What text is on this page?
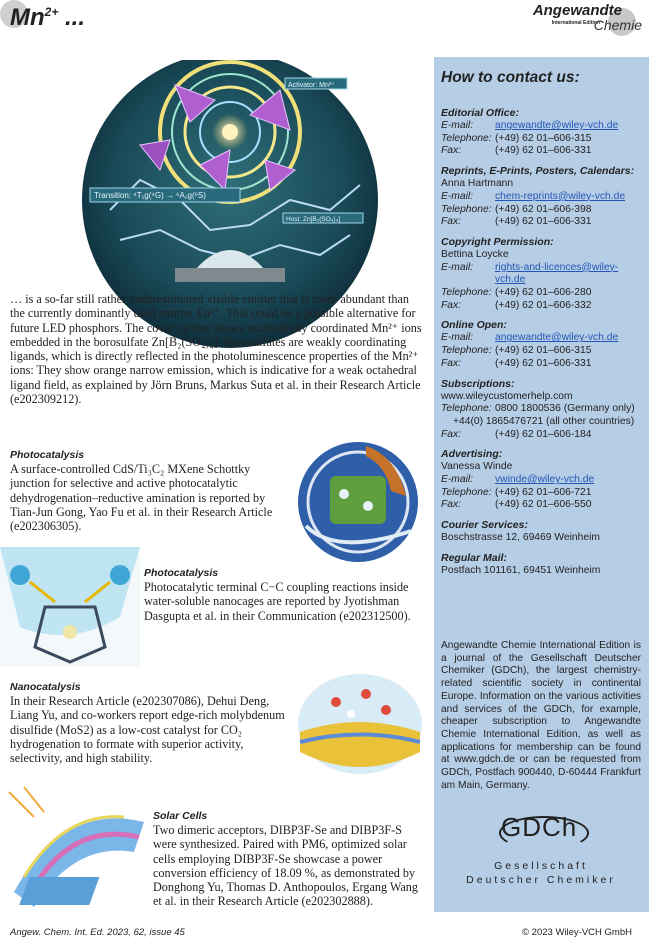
$Mn^{2+}$ ...	Angewandte
International Edition
Chemie
Transition: ⁴T₁g(⁴G) → ⁶A₁g(⁶S)
Activator: Mn²⁺
Host: Zn[B₂(SO₄)₄]
… is a so-far still rather underestimated visible emitter that is more abundant than the currently dominantly used emitter Eu²⁺. This could be a possible alternative for future LED phosphors. The cover picture shows octahedrally coordinated Mn²⁺ ions embedded in the borosulfate Zn[B₂(SO₄)₄]. Borosulfates are weakly coordinating ligands, which is directly reflected in the photoluminescence properties of the Mn²⁺ ions: They show orange narrow emission, which is indicative for a weak octahedral ligand field, as explained by Jörn Bruns, Markus Suta et al. in their Research Article (e202309212).
Photocatalysis
A surface-controlled CdS/Ti₃C₂ MXene Schottky junction for selective and active photocatalytic dehydrogenation–reductive amination is reported by Tian-Jun Gong, Yao Fu et al. in their Research Article (e202306305).
Photocatalysis
Photocatalytic terminal C−C coupling reactions inside water-soluble nanocages are reported by Jyotishman Dasgupta et al. in their Communication (e202312500).
Nanocatalysis
In their Research Article (e202307086), Dehui Deng, Liang Yu, and co-workers report edge-rich molybdenum disulfide (MoS2) as a low-cost catalyst for CO₂ hydrogenation to formate with superior activity, selectivity, and high stability.
Solar Cells
Two dimeric acceptors, DIBP3F-Se and DIBP3F-S were synthesized. Paired with PM6, optimized solar cells employing DIBP3F-Se showcase a power conversion efficiency of 18.09 %, as demonstrated by Donghong Yu, Thomas D. Anthopoulos, Ergang Wang et al. in their Research Article (e202302888).
How to contact us:
Editorial Office:
E-mail:	angewandte@wiley-vch.de
Telephone: (+49) 62 01–606-315
Fax:	(+49) 62 01–606-331
Reprints, E-Prints, Posters, Calendars:
Anna Hartmann
E-mail:	chem-reprints@wiley-vch.de
Telephone: (+49) 62 01–606-398
Fax:	(+49) 62 01–606-331
Copyright Permission:
Bettina Loycke
E-mail:	rights-and-licences@wiley-vch.de
Telephone: (+49) 62 01–606-280
Fax:	(+49) 62 01–606-332
Online Open:
E-mail:	angewandte@wiley-vch.de
Telephone: (+49) 62 01–606-315
Fax:	(+49) 62 01–606-331
Subscriptions:
www.wileycustomerhelp.com
Telephone: 0800 1800536 (Germany only)
+44(0) 1865476721 (all other countries)
Fax:	(+49) 62 01–606-184
Advertising:
Vanessa Winde
E-mail:	vwinde@wiley-vch.de
Telephone: (+49) 62 01–606-721
Fax:	(+49) 62 01–606-550
Courier Services:
Boschstrasse 12, 69469 Weinheim
Regular Mail:
Postfach 101161, 69451 Weinheim
Angewandte Chemie International Edition is a journal of the Gesellschaft Deutscher Chemiker (GDCh), the largest chemistry-related scientific society in continental Europe. Information on the various activities and services of the GDCh, for example, cheaper subscription to Angewandte Chemie International Edition, as well as applications for membership can be found at www.gdch.de or can be requested from GDCh, Postfach 900440, D-60444 Frankfurt am Main, Germany.
GDCh
Gesellschaft
Deutscher Chemiker
Angew. Chem. Int. Ed. 2023, 62, issue 45	© 2023 Wiley-VCH GmbH
